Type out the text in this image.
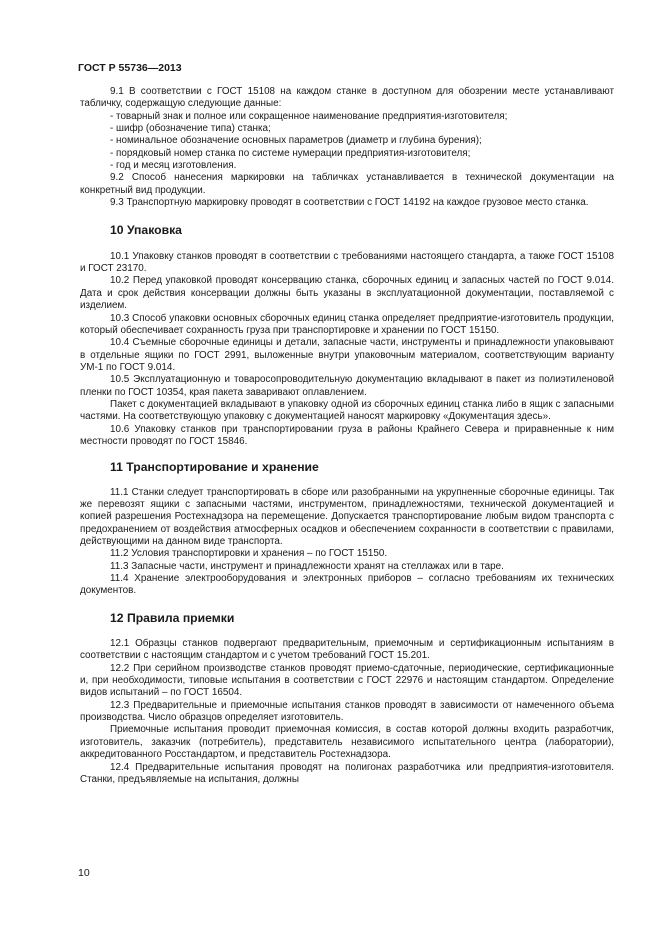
ГОСТ Р 55736—2013

9.1 В соответствии с ГОСТ 15108 на каждом станке в доступном для обозрении месте устанавливают табличку, содержащую следующие данные:

- товарный знак и полное или сокращенное наименование предприятия-изготовителя;

- шифр (обозначение типа) станка;

- номинальное обозначение основных параметров (диаметр и глубина бурения);

- порядковый номер станка по системе нумерации предприятия-изготовителя;

- год и месяц изготовления.

9.2 Способ нанесения маркировки на табличках устанавливается в технической документации на конкретный вид продукции.

9.3 Транспортную маркировку проводят в соответствии с ГОСТ 14192 на каждое грузовое место станка.

10 Упаковка

10.1 Упаковку станков проводят в соответствии с требованиями настоящего стандарта, а также ГОСТ 15108 и ГОСТ 23170.

10.2 Перед упаковкой проводят консервацию станка, сборочных единиц и запасных частей по ГОСТ 9.014. Дата и срок действия консервации должны быть указаны в эксплуатационной документации, поставляемой с изделием.

10.3 Способ упаковки основных сборочных единиц станка определяет предприятие-изготовитель продукции, который обеспечивает сохранность груза при транспортировке и хранении по ГОСТ 15150.

10.4 Съемные сборочные единицы и детали, запасные части, инструменты и принадлежности упаковывают в отдельные ящики по ГОСТ 2991, выложенные внутри упаковочным материалом, соответствующим варианту УМ-1 по ГОСТ 9.014.

10.5 Эксплуатационную и товаросопроводительную документацию вкладывают в пакет из полиэтиленовой пленки по ГОСТ 10354, края пакета заваривают оплавлением.

Пакет с документацией вкладывают в упаковку одной из сборочных единиц станка либо в ящик с запасными частями. На соответствующую упаковку с документацией наносят маркировку «Документация здесь».

10.6 Упаковку станков при транспортировании груза в районы Крайнего Севера и приравненные к ним местности проводят по ГОСТ 15846.

11 Транспортирование и хранение

11.1 Станки следует транспортировать в сборе или разобранными на укрупненные сборочные единицы. Так же перевозят ящики с запасными частями, инструментом, принадлежностями, технической документацией и копией разрешения Ростехнадзора на перемещение. Допускается транспортирование любым видом транспорта с предохранением от воздействия атмосферных осадков и обеспечением сохранности в соответствии с правилами, действующими на данном виде транспорта.

11.2 Условия транспортировки и хранения – по ГОСТ 15150.

11.3 Запасные части, инструмент и принадлежности хранят на стеллажах или в таре.

11.4 Хранение электрооборудования и электронных приборов – согласно требованиям их технических документов.

12 Правила приемки

12.1 Образцы станков подвергают предварительным, приемочным и сертификационным испытаниям в соответствии с настоящим стандартом и с учетом требований ГОСТ 15.201.

12.2 При серийном производстве станков проводят приемо-сдаточные, периодические, сертификационные и, при необходимости, типовые испытания в соответствии с ГОСТ 22976 и настоящим стандартом. Определение видов испытаний – по ГОСТ 16504.

12.3 Предварительные и приемочные испытания станков проводят в зависимости от намеченного объема производства. Число образцов определяет изготовитель.

Приемочные испытания проводит приемочная комиссия, в состав которой должны входить разработчик, изготовитель, заказчик (потребитель), представитель независимого испытательного центра (лаборатории), аккредитованного Росстандартом, и представитель Ростехнадзора.

12.4 Предварительные испытания проводят на полигонах разработчика или предприятия-изготовителя. Станки, предъявляемые на испытания, должны

10
